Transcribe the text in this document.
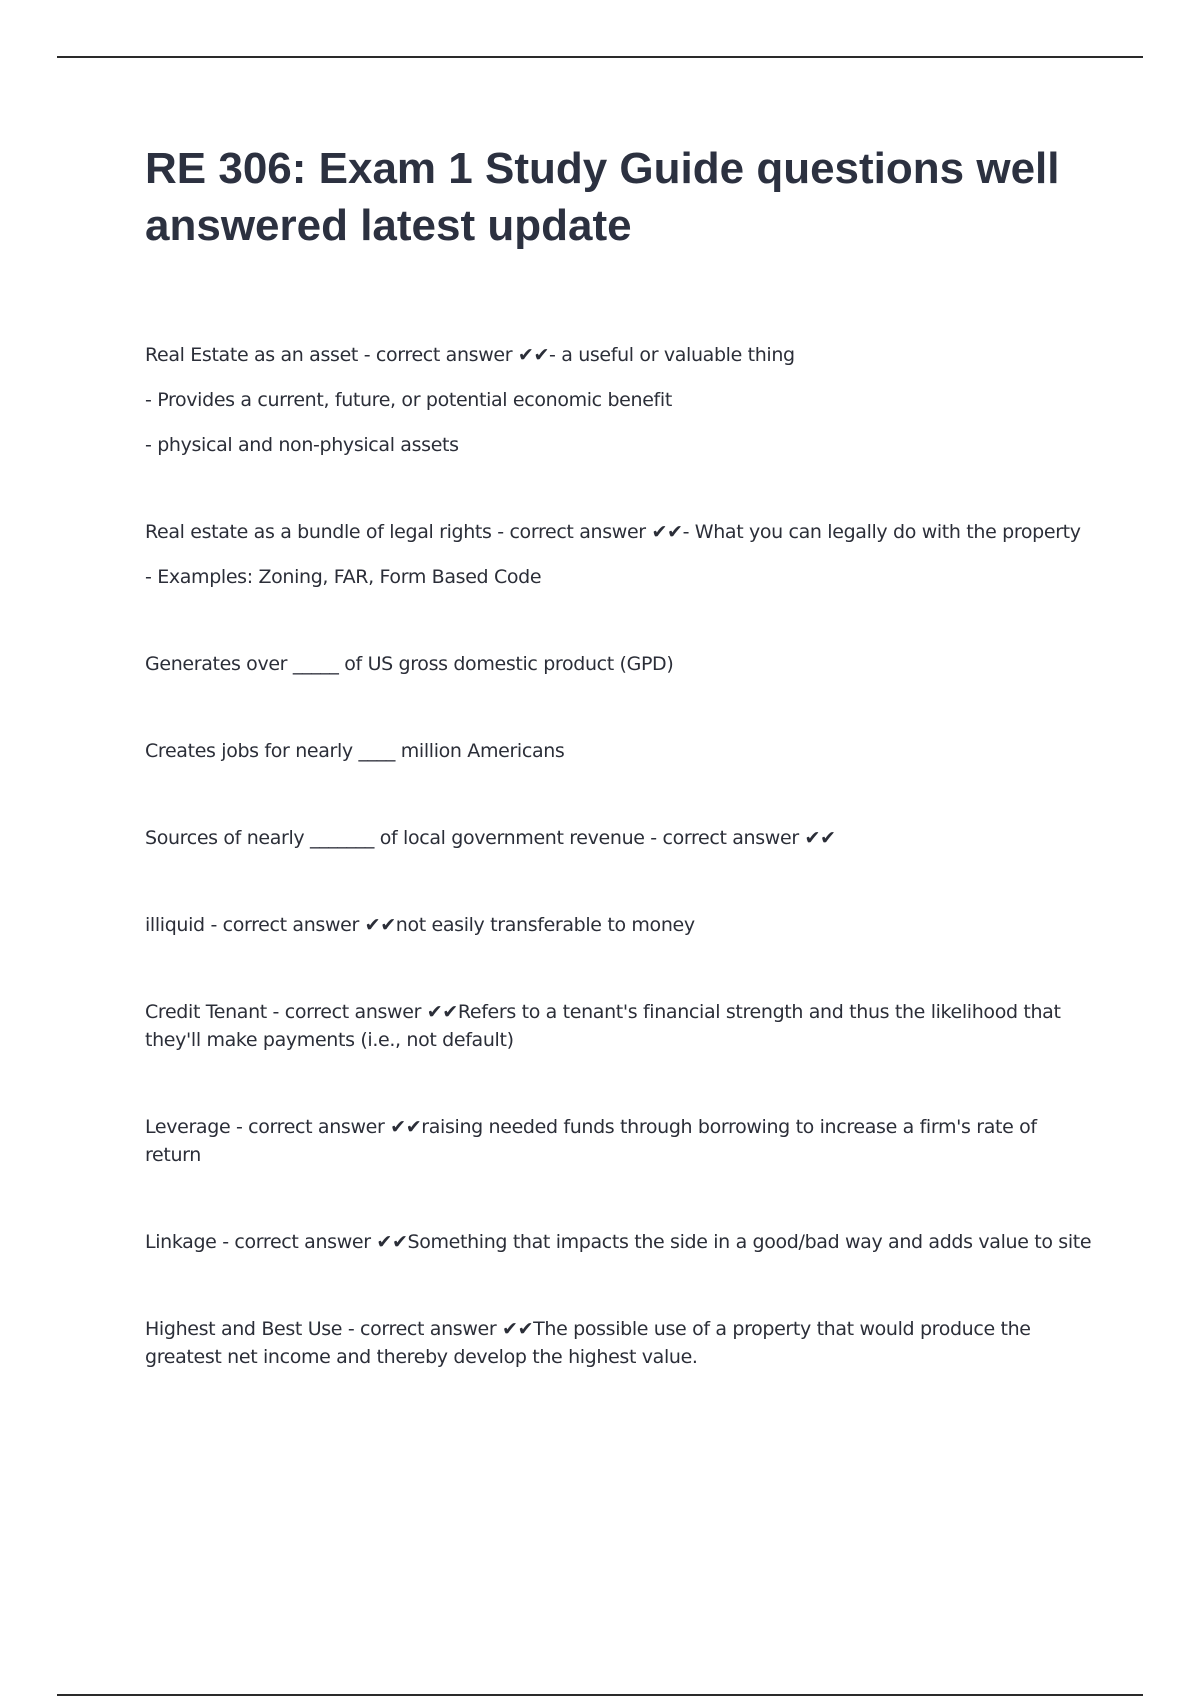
RE 306: Exam 1 Study Guide questions well answered latest update

Real Estate as an asset - correct answer ✔✔- a useful or valuable thing

- Provides a current, future, or potential economic benefit

- physical and non-physical assets

Real estate as a bundle of legal rights - correct answer ✔✔- What you can legally do with the property

- Examples: Zoning, FAR, Form Based Code

Generates over _____ of US gross domestic product (GPD)

Creates jobs for nearly ____ million Americans

Sources of nearly _______ of local government revenue - correct answer ✔✔

illiquid - correct answer ✔✔not easily transferable to money

Credit Tenant - correct answer ✔✔Refers to a tenant's financial strength and thus the likelihood that they'll make payments (i.e., not default)

Leverage - correct answer ✔✔raising needed funds through borrowing to increase a firm's rate of return

Linkage - correct answer ✔✔Something that impacts the side in a good/bad way and adds value to site

Highest and Best Use - correct answer ✔✔The possible use of a property that would produce the greatest net income and thereby develop the highest value.
